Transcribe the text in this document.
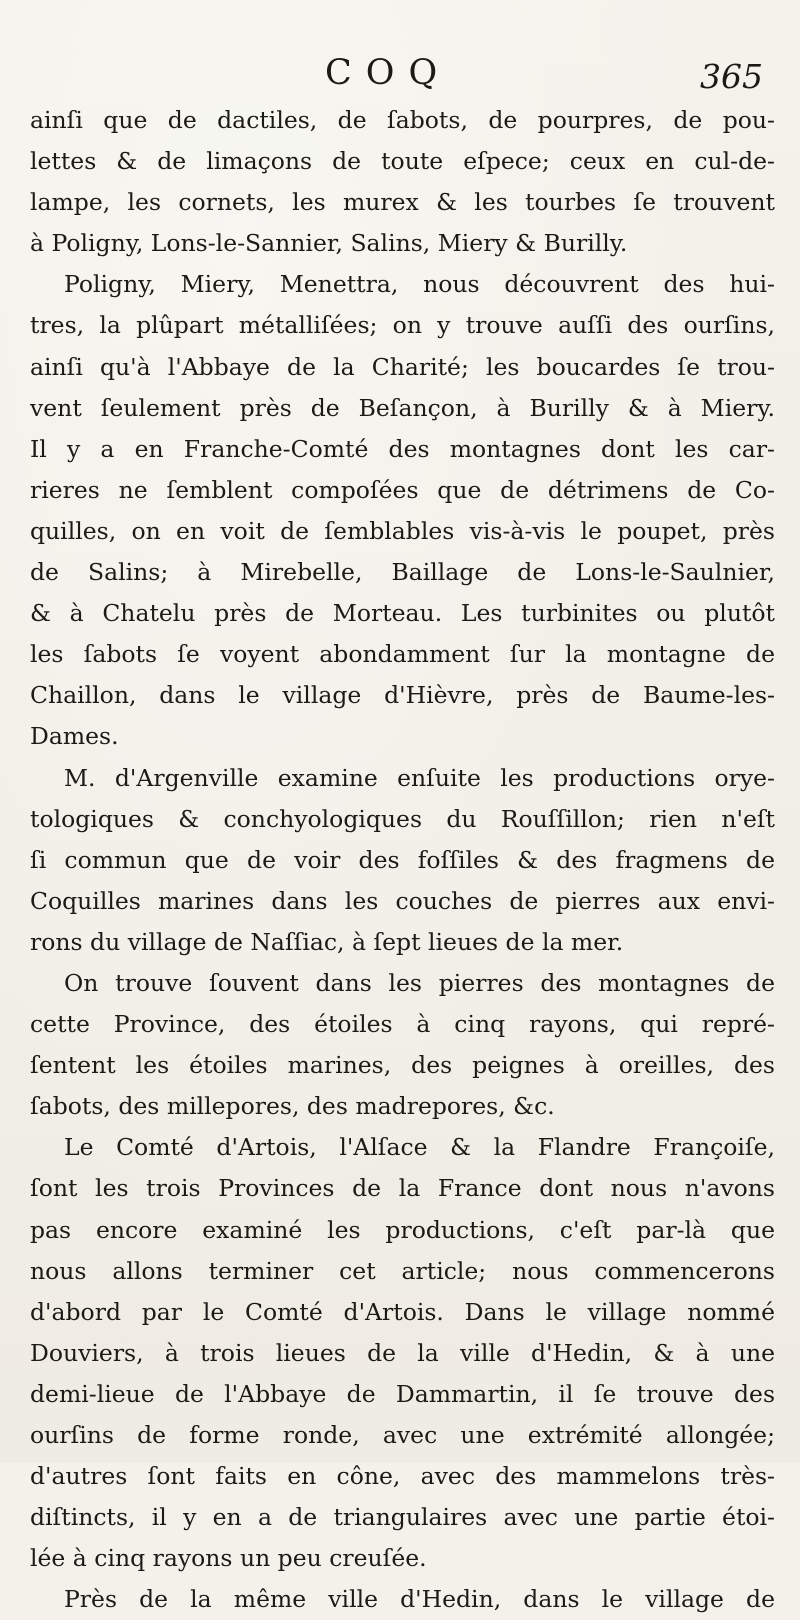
COQ	365
ainſi que de dactiles, de ſabots, de pourpres, de pou-
lettes & de limaçons de toute eſpece; ceux en cul-de-
lampe, les cornets, les murex & les tourbes ſe trouvent
à Poligny, Lons-le-Sannier, Salins, Miery & Burilly.
Poligny, Miery, Menettra, nous découvrent des hui-
tres, la plûpart métalliſées; on y trouve auſſi des ourſins,
ainſi qu'à l'Abbaye de la Charité; les boucardes ſe trou-
vent ſeulement près de Beſançon, à Burilly & à Miery.
Il y a en Franche-Comté des montagnes dont les car-
rieres ne ſemblent compoſées que de détrimens de Co-
quilles, on en voit de ſemblables vis-à-vis le poupet, près
de Salins; à Mirebelle, Baillage de Lons-le-Saulnier,
& à Chatelu près de Morteau. Les turbinites ou plutôt
les ſabots ſe voyent abondamment ſur la montagne de
Chaillon, dans le village d'Hièvre, près de Baume-les-
Dames.
M. d'Argenville examine enſuite les productions orye-
tologiques & conchyologiques du Rouſſillon; rien n'eſt
ſi commun que de voir des foſſiles & des fragmens de
Coquilles marines dans les couches de pierres aux envi-
rons du village de Naſſiac, à ſept lieues de la mer.
On trouve ſouvent dans les pierres des montagnes de
cette Province, des étoiles à cinq rayons, qui repré-
ſentent les étoiles marines, des peignes à oreilles, des
ſabots, des millepores, des madrepores, &c.
Le Comté d'Artois, l'Alſace & la Flandre Françoiſe,
ſont les trois Provinces de la France dont nous n'avons
pas encore examiné les productions, c'eſt par-là que
nous allons terminer cet article; nous commencerons
d'abord par le Comté d'Artois. Dans le village nommé
Douviers, à trois lieues de la ville d'Hedin, & à une
demi-lieue de l'Abbaye de Dammartin, il ſe trouve des
ourſins de forme ronde, avec une extrémité allongée;
d'autres ſont faits en cône, avec des mammelons très-
diſtincts, il y en a de triangulaires avec une partie étoi-
lée à cinq rayons un peu creuſée.
Près de la même ville d'Hedin, dans le village de
